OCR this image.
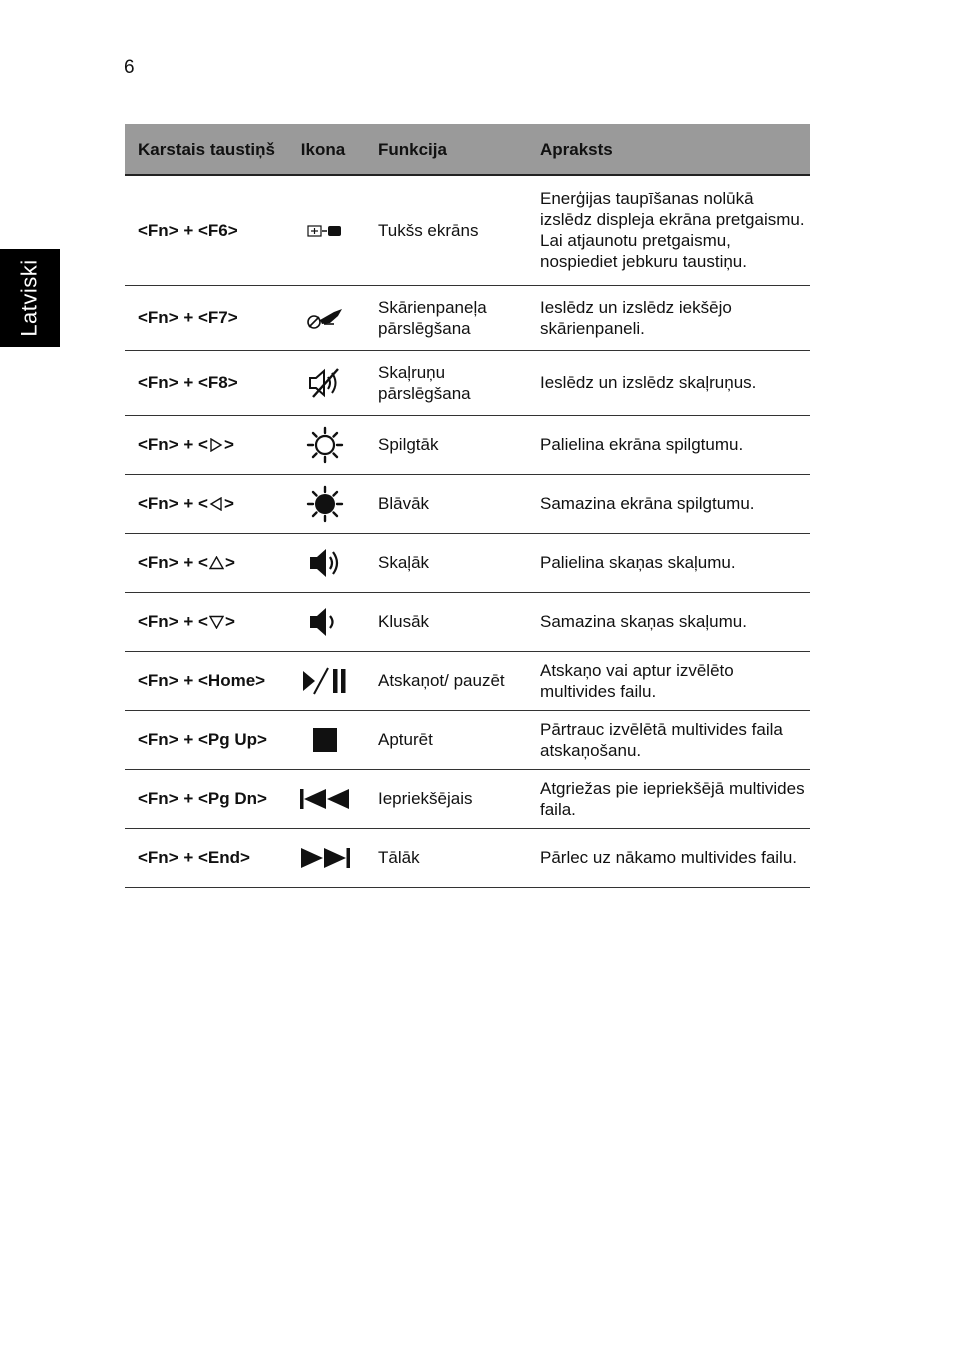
6
Latviski
Karstais taustiņš	Ikona	Funkcija	Apraksts
<Fn> + <F6>		Tukšs ekrāns	Enerģijas taupīšanas nolūkā izslēdz displeja ekrāna pretgaismu. Lai atjaunotu pretgaismu, nospiediet jebkuru taustiņu.
<Fn> + <F7>		Skārienpaneļa pārslēgšana	Ieslēdz un izslēdz iekšējo skārienpaneli.
<Fn> + <F8>		Skaļruņu pārslēgšana	Ieslēdz un izslēdz skaļruņus.
<Fn> + < >		Spilgtāk	Palielina ekrāna spilgtumu.
<Fn> + < >		Blāvāk	Samazina ekrāna spilgtumu.
<Fn> + < >		Skaļāk	Palielina skaņas skaļumu.
<Fn> + < >		Klusāk	Samazina skaņas skaļumu.
<Fn> + <Home>		Atskaņot/ pauzēt	Atskaņo vai aptur izvēlēto multivides failu.
<Fn> + <Pg Up>		Apturēt	Pārtrauc izvēlētā multivides faila atskaņošanu.
<Fn> + <Pg Dn>		Iepriekšējais	Atgriežas pie iepriekšējā multivides faila.
<Fn> + <End>		Tālāk	Pārlec uz nākamo multivides failu.
